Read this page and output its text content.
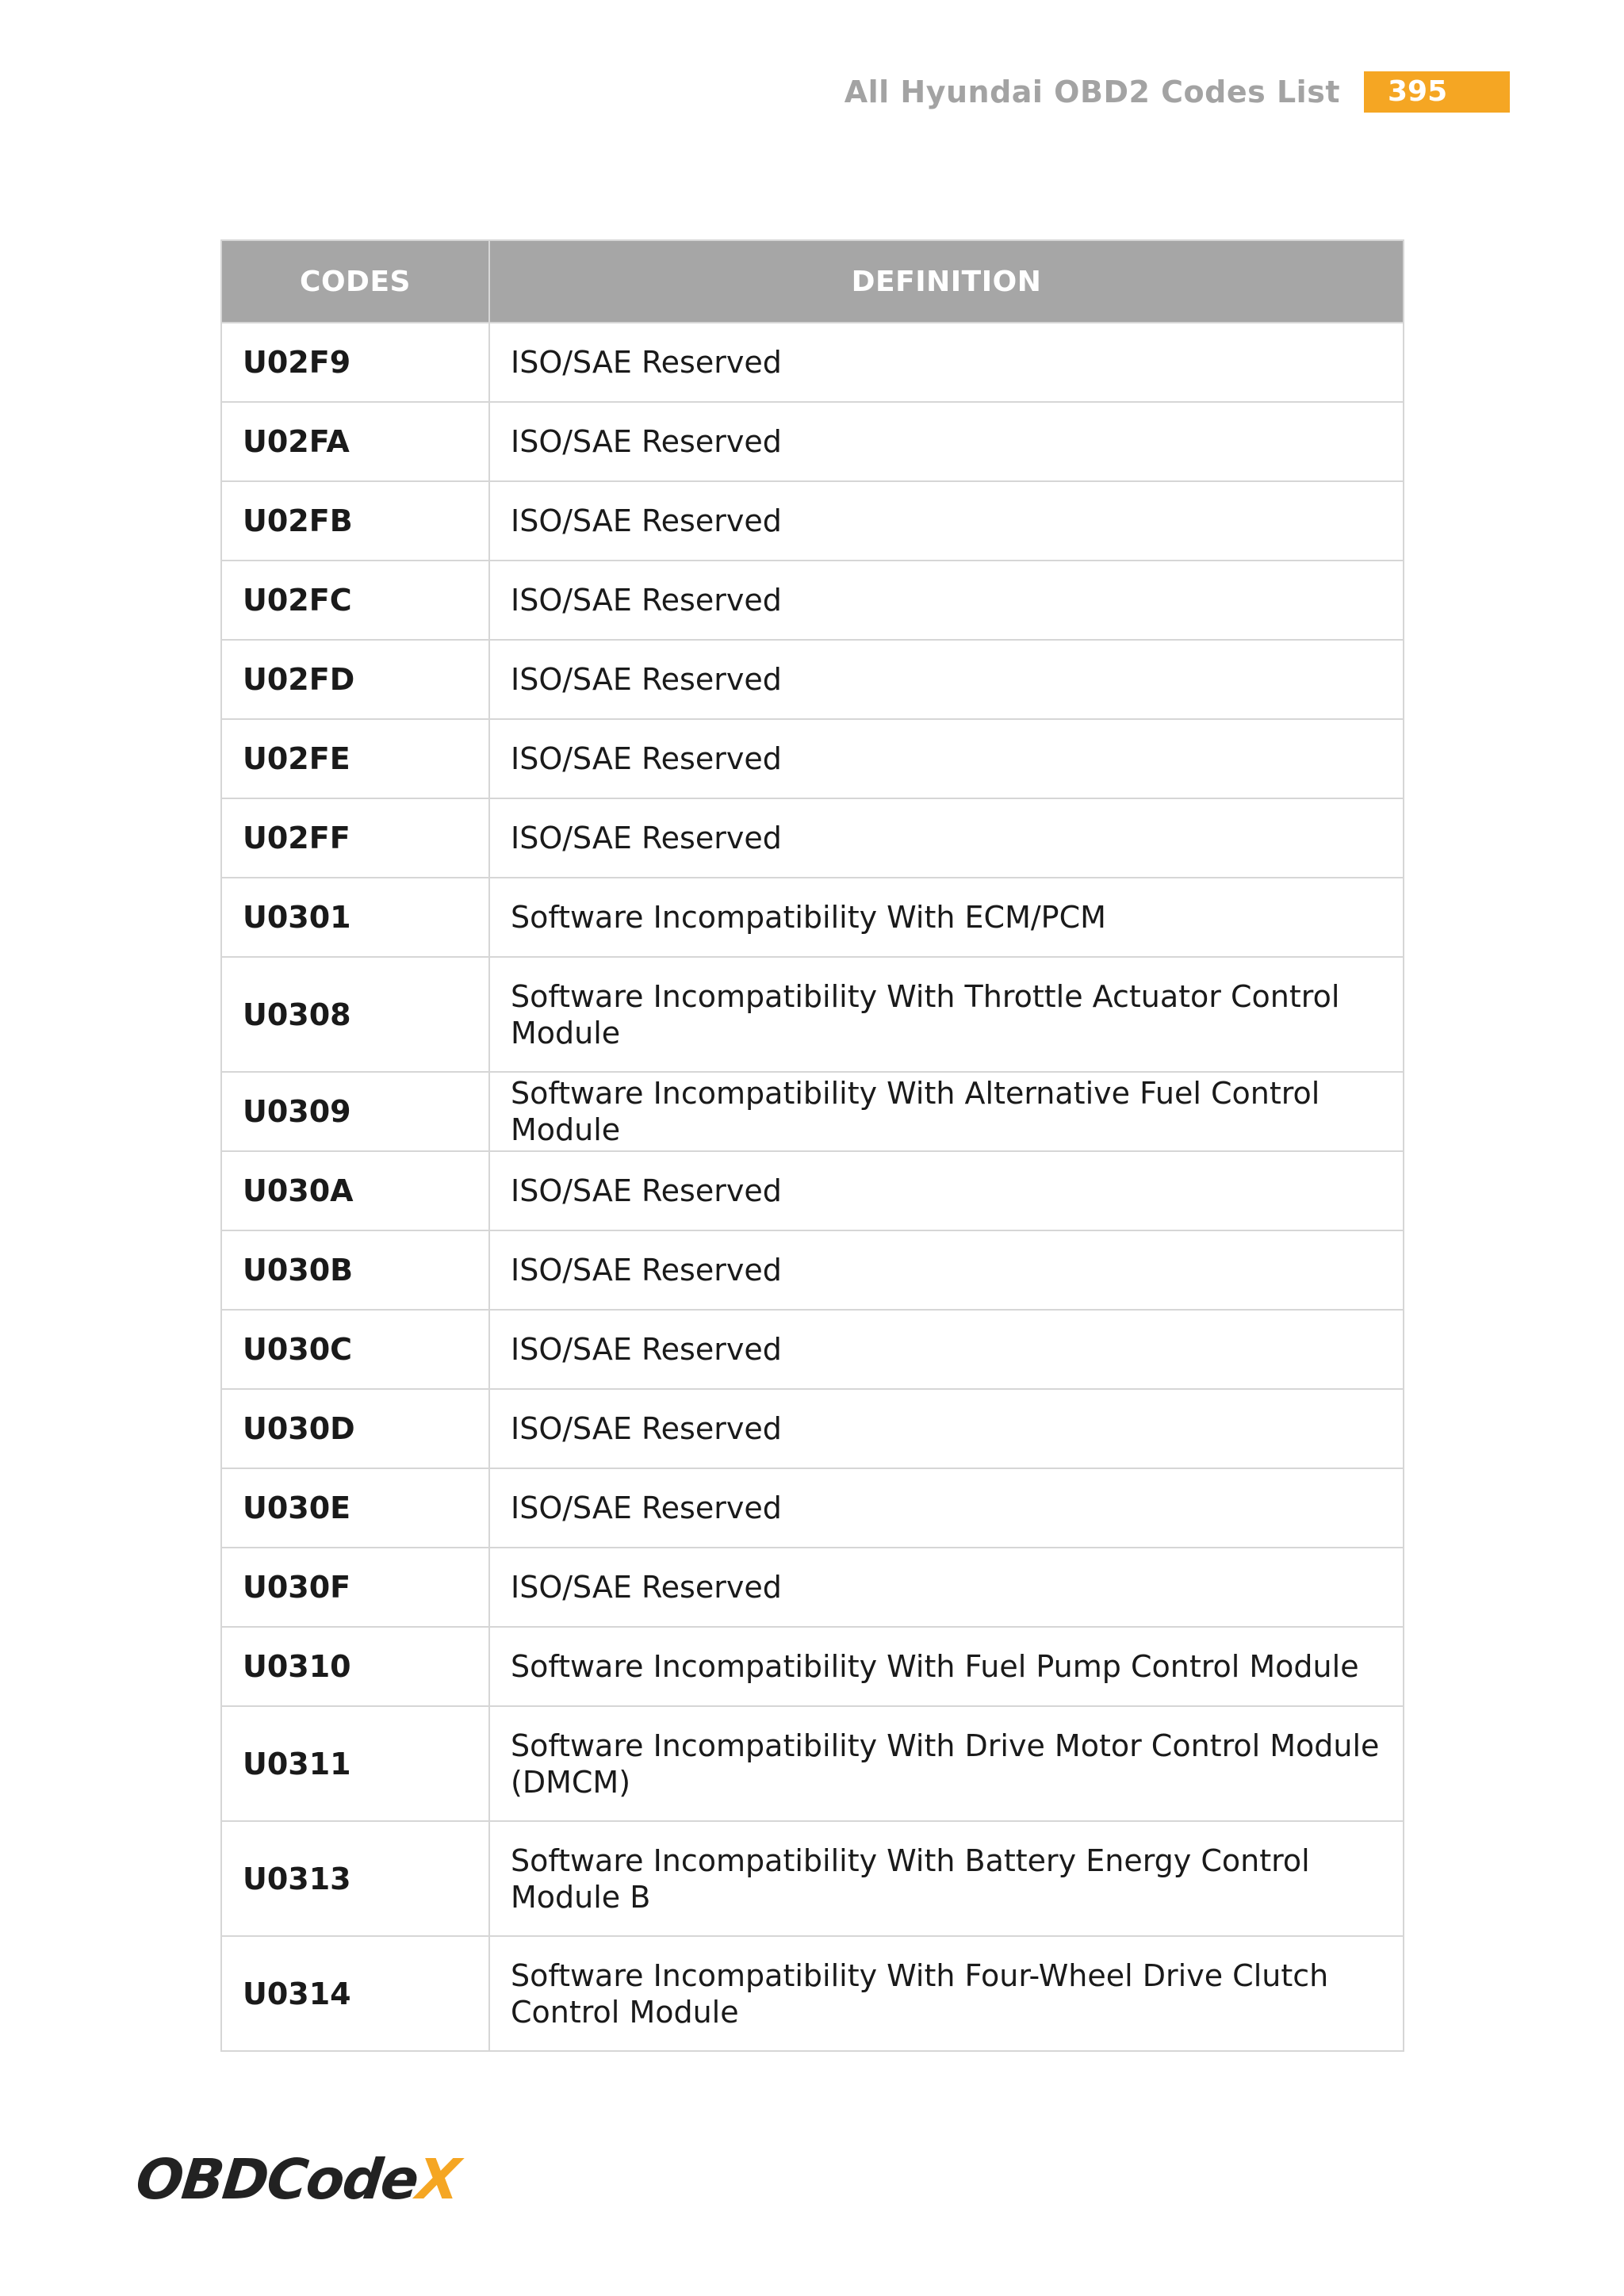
All Hyundai OBD2 Codes List	395
CODES	DEFINITION
U02F9	ISO/SAE Reserved
U02FA	ISO/SAE Reserved
U02FB	ISO/SAE Reserved
U02FC	ISO/SAE Reserved
U02FD	ISO/SAE Reserved
U02FE	ISO/SAE Reserved
U02FF	ISO/SAE Reserved
U0301	Software Incompatibility With ECM/PCM
U0308	Software Incompatibility With Throttle Actuator Control Module
U0309	Software Incompatibility With Alternative Fuel Control Module
U030A	ISO/SAE Reserved
U030B	ISO/SAE Reserved
U030C	ISO/SAE Reserved
U030D	ISO/SAE Reserved
U030E	ISO/SAE Reserved
U030F	ISO/SAE Reserved
U0310	Software Incompatibility With Fuel Pump Control Module
U0311	Software Incompatibility With Drive Motor Control Module (DMCM)
U0313	Software Incompatibility With Battery Energy Control Module B
U0314	Software Incompatibility With Four-Wheel Drive Clutch Control Module
OBDCodeX
